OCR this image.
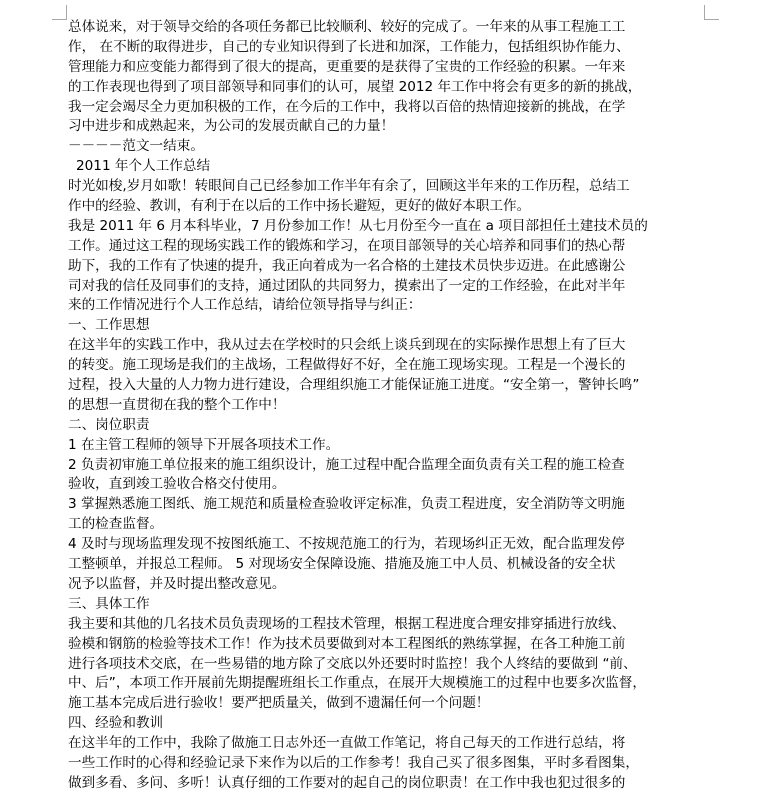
总体说来，对于领导交给的各项任务都已比较顺利、较好的完成了。一年来的从事工程施工工
作， 在不断的取得进步，自己的专业知识得到了长进和加深，工作能力，包括组织协作能力、
管理能力和应变能力都得到了很大的提高，更重要的是获得了宝贵的工作经验的积累。一年来
的工作表现也得到了项目部领导和同事们的认可，展望 2012 年工作中将会有更多的新的挑战，
我一定会竭尽全力更加积极的工作，在今后的工作中，我将以百倍的热情迎接新的挑战，在学
习中进步和成熟起来，为公司的发展贡献自己的力量！
－－－－范文一结束。
2011 年个人工作总结
时光如梭,岁月如歌！转眼间自己已经参加工作半年有余了，回顾这半年来的工作历程，总结工
作中的经验、教训，有利于在以后的工作中扬长避短，更好的做好本职工作。
我是 2011 年 6 月本科毕业，7 月份参加工作！从七月份至今一直在 a 项目部担任土建技术员的
工作。通过这工程的现场实践工作的锻炼和学习，在项目部领导的关心培养和同事们的热心帮
助下，我的工作有了快速的提升，我正向着成为一名合格的土建技术员快步迈进。在此感谢公
司对我的信任及同事们的支持，通过团队的共同努力，摸索出了一定的工作经验，在此对半年
来的工作情况进行个人工作总结，请给位领导指导与纠正：
一、工作思想
在这半年的实践工作中，我从过去在学校时的只会纸上谈兵到现在的实际操作思想上有了巨大
的转变。施工现场是我们的主战场，工程做得好不好，全在施工现场实现。工程是一个漫长的
过程，投入大量的人力物力进行建设，合理组织施工才能保证施工进度。“安全第一，警钟长鸣”
的思想一直贯彻在我的整个工作中！
二、岗位职责
1 在主管工程师的领导下开展各项技术工作。
2 负责初审施工单位报来的施工组织设计，施工过程中配合监理全面负责有关工程的施工检查
验收，直到竣工验收合格交付使用。
3 掌握熟悉施工图纸、施工规范和质量检查验收评定标准，负责工程进度，安全消防等文明施
工的检查监督。
4 及时与现场监理发现不按图纸施工、不按规范施工的行为，若现场纠正无效，配合监理发停
工整顿单，并报总工程师。 5 对现场安全保障设施、措施及施工中人员、机械设备的安全状
况予以监督，并及时提出整改意见。
三、具体工作
我主要和其他的几名技术员负责现场的工程技术管理，根据工程进度合理安排穿插进行放线、
验模和钢筋的检验等技术工作！作为技术员要做到对本工程图纸的熟练掌握，在各工种施工前
进行各项技术交底，在一些易错的地方除了交底以外还要时时监控！我个人终结的要做到 “前、
中、后”，本项工作开展前先期提醒班组长工作重点，在展开大规模施工的过程中也要多次监督，
施工基本完成后进行验收！要严把质量关，做到不遗漏任何一个问题！
四、经验和教训
在这半年的工作中，我除了做施工日志外还一直做工作笔记，将自己每天的工作进行总结，将
一些工作时的心得和经验记录下来作为以后的工作参考！我自己买了很多图集，平时多看图集，
做到多看、多问、多听！认真仔细的工作要对的起自己的岗位职责！在工作中我也犯过很多的
